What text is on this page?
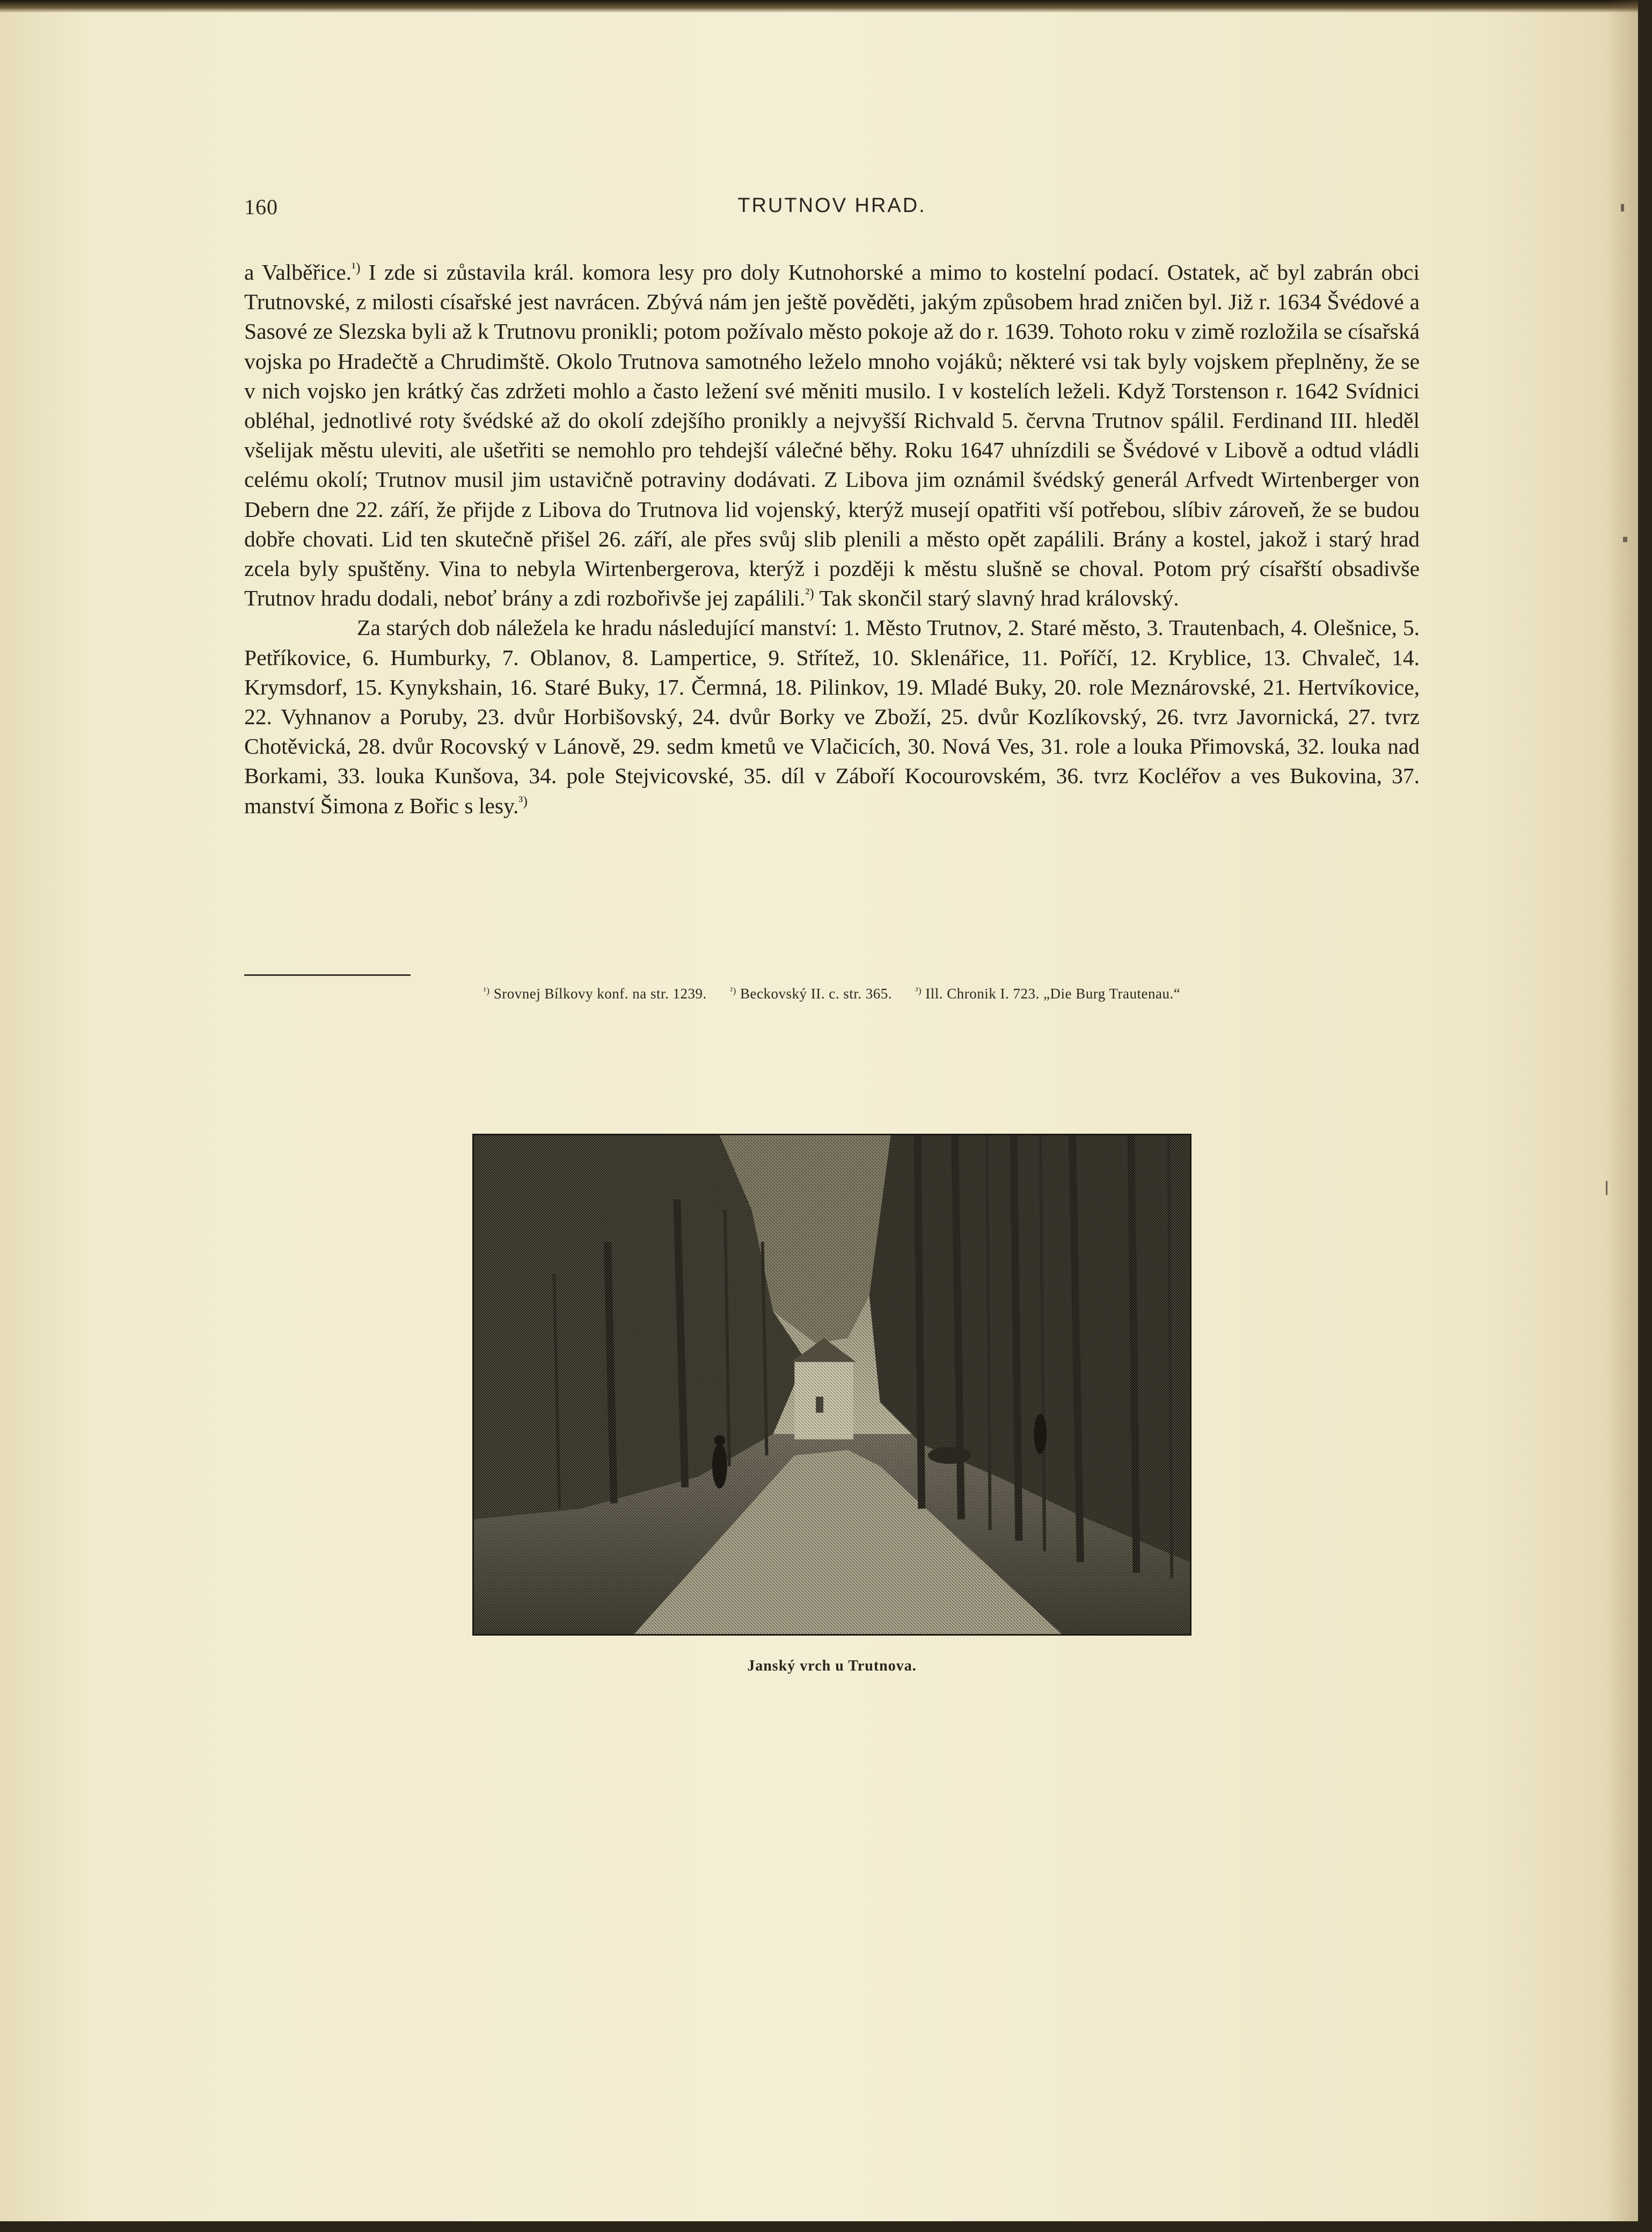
160	TRUTNOV HRAD.

a Valběřice.$^{^1)}$ I zde si zůstavila král. komora lesy pro doly Kutnohorské a mimo to kostelní podací. Ostatek, ač byl zabrán obci Trutnovské, z milosti císařské jest navrácen. Zbývá nám jen ještě pověděti, jakým způsobem hrad zničen byl. Již r. 1634 Švédové a Sasové ze Slezska byli až k Trutnovu pronikli; potom požívalo město pokoje až do r. 1639. Tohoto roku v zimě rozložila se císařská vojska po Hradečtě a Chrudimště. Okolo Trutnova samotného leželo mnoho vojáků; některé vsi tak byly vojskem přeplněny, že se v nich vojsko jen krátký čas zdržeti mohlo a často ležení své měniti musilo. I v kostelích leželi. Když Torstenson r. 1642 Svídnici obléhal, jednotlivé roty švédské až do okolí zdejšího pronikly a nejvyšší Richvald 5. června Trutnov spálil. Ferdinand III. hleděl všelijak městu uleviti, ale ušetřiti se nemohlo pro tehdejší válečné běhy. Roku 1647 uhnízdili se Švédové v Libově a odtud vládli celému okolí; Trutnov musil jim ustavičně potraviny dodávati. Z Libova jim oznámil švédský generál Arfvedt Wirtenberger von Debern dne 22. září, že přijde z Libova do Trutnova lid vojenský, kterýž musejí opatřiti vší potřebou, slíbiv zároveň, že se budou dobře chovati. Lid ten skutečně přišel 26. září, ale přes svůj slib plenili a město opět zapálili. Brány a kostel, jakož i starý hrad zcela byly spuštěny. Vina to nebyla Wirtenbergerova, kterýž i později k městu slušně se choval. Potom prý císařští obsadivše Trutnov hradu dodali, neboť brány a zdi rozbořivše jej zapálili.$^{^2)}$ Tak skončil starý slavný hrad královský.

Za starých dob náležela ke hradu následující manství: 1. Město Trutnov, 2. Staré město, 3. Trautenbach, 4. Olešnice, 5. Petříkovice, 6. Humburky, 7. Oblanov, 8. Lampertice, 9. Střítež, 10. Sklenářice, 11. Poříčí, 12. Kryblice, 13. Chvaleč, 14. Krymsdorf, 15. Kynykshain, 16. Staré Buky, 17. Čermná, 18. Pilinkov, 19. Mladé Buky, 20. role Meznárovské, 21. Hertvíkovice, 22. Vyhnanov a Poruby, 23. dvůr Horbišovský, 24. dvůr Borky ve Zboží, 25. dvůr Kozlíkovský, 26. tvrz Javornická, 27. tvrz Chotěvická, 28. dvůr Rocovský v Lánově, 29. sedm kmetů ve Vlačicích, 30. Nová Ves, 31. role a louka Přimovská, 32. louka nad Borkami, 33. louka Kunšova, 34. pole Stejvicovské, 35. díl v Záboří Kocourovském, 36. tvrz Kocléřov a ves Bukovina, 37. manství Šimona z Bořic s lesy.$^{^3)}$

$^{^1)}$ Srovnej Bílkovy konf. na str. 1239.	$^{^2)}$ Beckovský II. c. str. 365.	$^{^3)}$ Ill. Chronik I. 723. „Die Burg Trautenau.“
Janský vrch u Trutnova.
